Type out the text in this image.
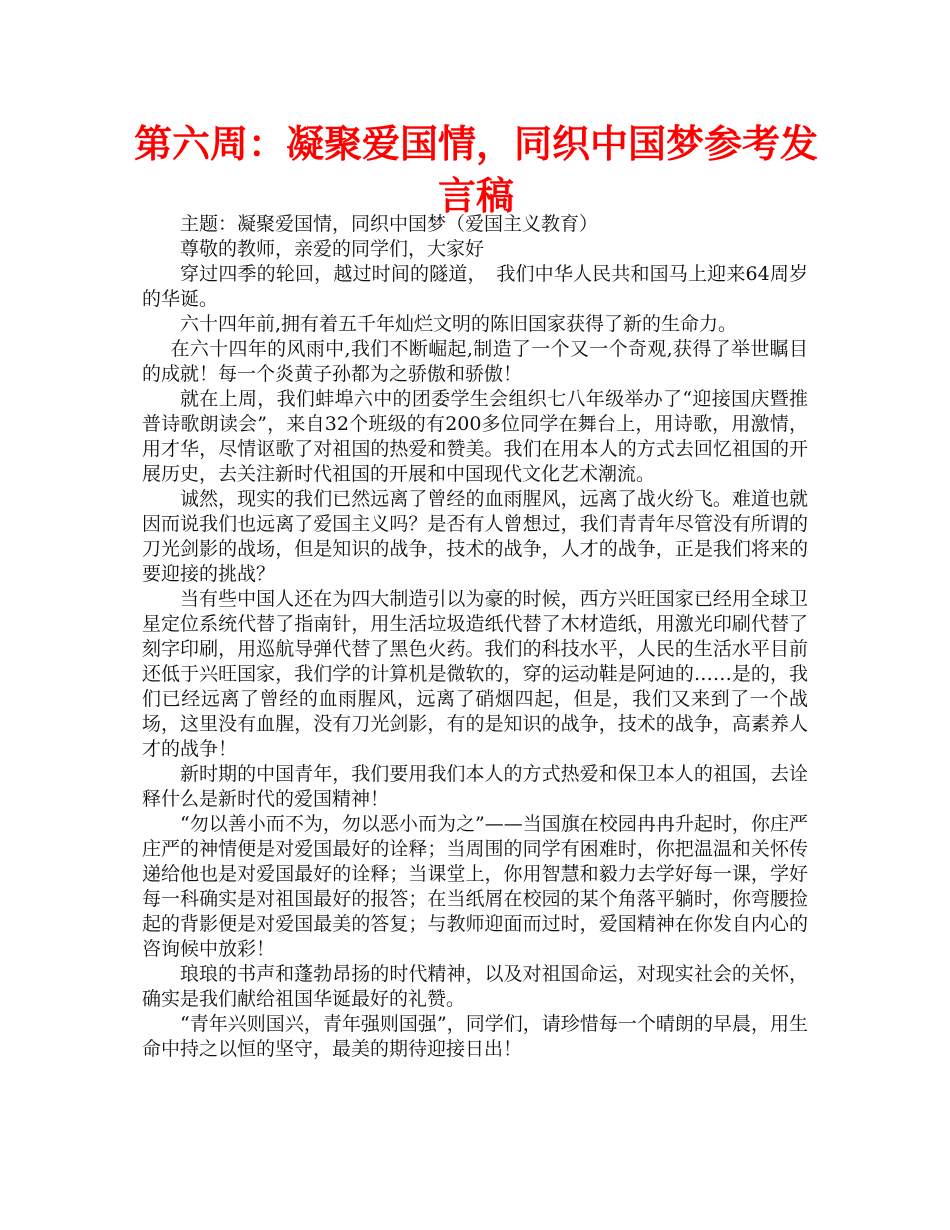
第六周：凝聚爱国情，同织中国梦参考发言稿

主题：凝聚爱国情，同织中国梦（爱国主义教育）

尊敬的教师，亲爱的同学们，大家好

穿过四季的轮回，越过时间的隧道，　我们中华人民共和国马上迎来64周岁的华诞。

六十四年前,拥有着五千年灿烂文明的陈旧国家获得了新的生命力。

在六十四年的风雨中,我们不断崛起,制造了一个又一个奇观,获得了举世瞩目的成就！每一个炎黄子孙都为之骄傲和骄傲！

就在上周，我们蚌埠六中的团委学生会组织七八年级举办了“迎接国庆暨推普诗歌朗读会”，来自32个班级的有200多位同学在舞台上，用诗歌，用激情，用才华，尽情讴歌了对祖国的热爱和赞美。我们在用本人的方式去回忆祖国的开展历史，去关注新时代祖国的开展和中国现代文化艺术潮流。

诚然，现实的我们已然远离了曾经的血雨腥风，远离了战火纷飞。难道也就因而说我们也远离了爱国主义吗？是否有人曾想过，我们青青年尽管没有所谓的刀光剑影的战场，但是知识的战争，技术的战争，人才的战争，正是我们将来的要迎接的挑战？

当有些中国人还在为四大制造引以为豪的时候，西方兴旺国家已经用全球卫星定位系统代替了指南针，用生活垃圾造纸代替了木材造纸，用激光印刷代替了刻字印刷，用巡航导弹代替了黑色火药。我们的科技水平，人民的生活水平目前还低于兴旺国家，我们学的计算机是微软的，穿的运动鞋是阿迪的……是的，我们已经远离了曾经的血雨腥风，远离了硝烟四起，但是，我们又来到了一个战场，这里没有血腥，没有刀光剑影，有的是知识的战争，技术的战争，高素养人才的战争！

新时期的中国青年，我们要用我们本人的方式热爱和保卫本人的祖国，去诠释什么是新时代的爱国精神！

“勿以善小而不为，勿以恶小而为之”——当国旗在校园冉冉升起时，你庄严庄严的神情便是对爱国最好的诠释；当周围的同学有困难时，你把温温和关怀传递给他也是对爱国最好的诠释；当课堂上，你用智慧和毅力去学好每一课，学好每一科确实是对祖国最好的报答；在当纸屑在校园的某个角落平躺时，你弯腰捡起的背影便是对爱国最美的答复；与教师迎面而过时，爱国精神在你发自内心的咨询候中放彩！

琅琅的书声和蓬勃昂扬的时代精神，以及对祖国命运，对现实社会的关怀，确实是我们献给祖国华诞最好的礼赞。

“青年兴则国兴，青年强则国强”，同学们，请珍惜每一个晴朗的早晨，用生命中持之以恒的坚守，最美的期待迎接日出！
